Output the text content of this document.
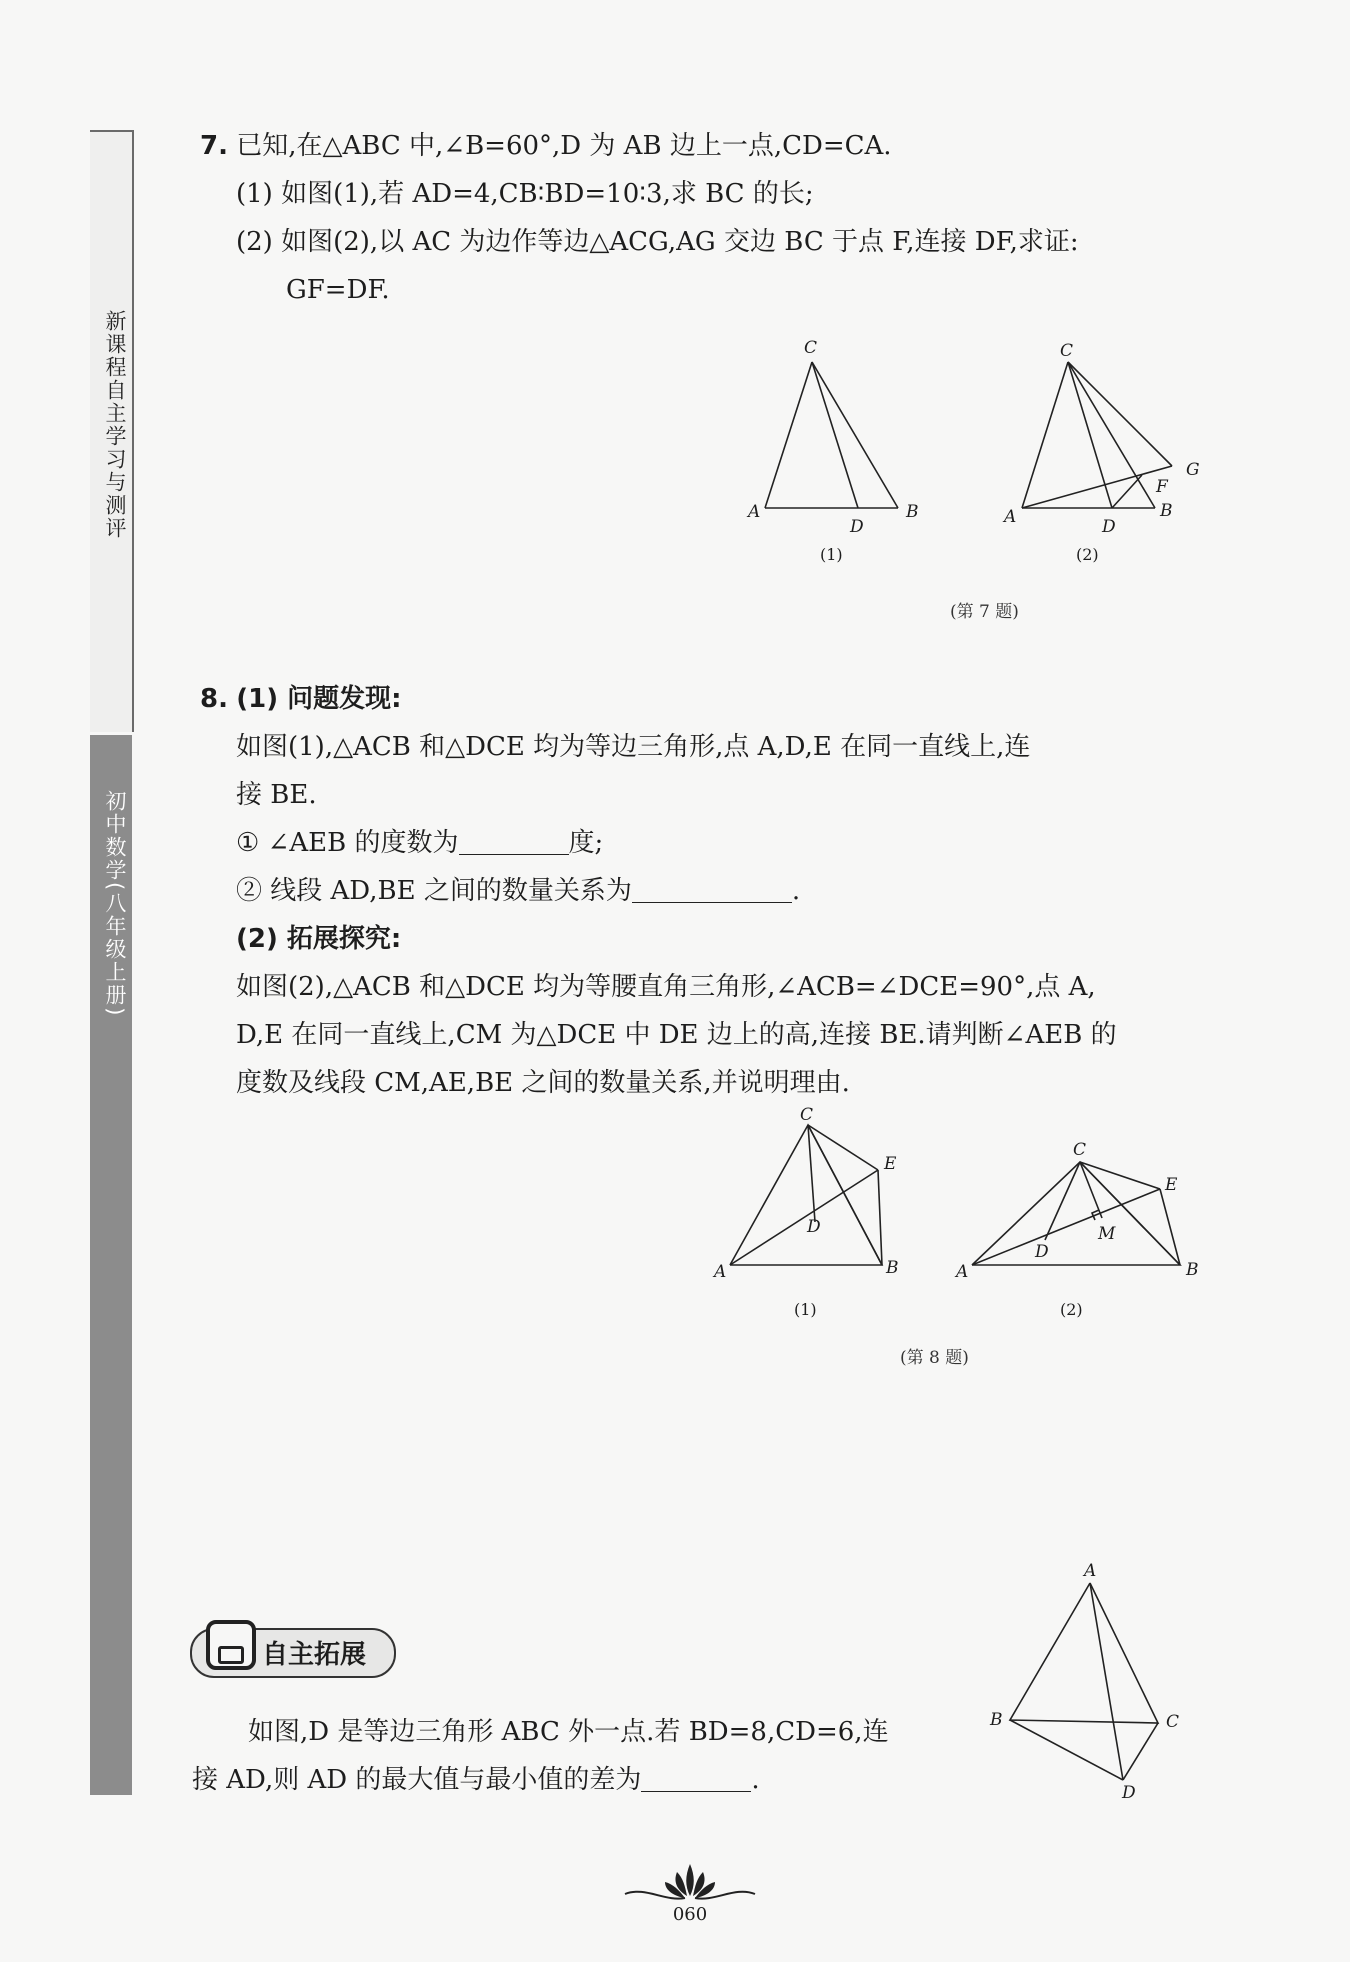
新课程自主学习与测评
初中数学(八年级上册)
7. 已知,在△ABC 中,∠B=60°,D 为 AB 边上一点,CD=CA.
(1) 如图(1),若 AD=4,CB∶BD=10∶3,求 BC 的长;
(2) 如图(2),以 AC 为边作等边△ACG,AG 交边 BC 于点 F,连接 DF,求证:
GF=DF.
C
A
D
B
(1)
C
A	D
B
F
G
(2)
(第 7 题)
8. (1) 问题发现:
如图(1),△ACB 和△DCE 均为等边三角形,点 A,D,E 在同一直线上,连
接 BE.
① ∠AEB 的度数为	度;
② 线段 AD,BE 之间的数量关系为	.
(2) 拓展探究:
如图(2),△ACB 和△DCE 均为等腰直角三角形,∠ACB=∠DCE=90°,点 A,
D,E 在同一直线上,CM 为△DCE 中 DE 边上的高,连接 BE.请判断∠AEB 的
度数及线段 CM,AE,BE 之间的数量关系,并说明理由.
C
E
D
A	B
(1)
C
E
M
D
A	B
(2)
(第 8 题)
自主拓展
如图,D 是等边三角形 ABC 外一点.若 BD=8,CD=6,连
接 AD,则 AD 的最大值与最小值的差为	.
A
B	C
D
060
